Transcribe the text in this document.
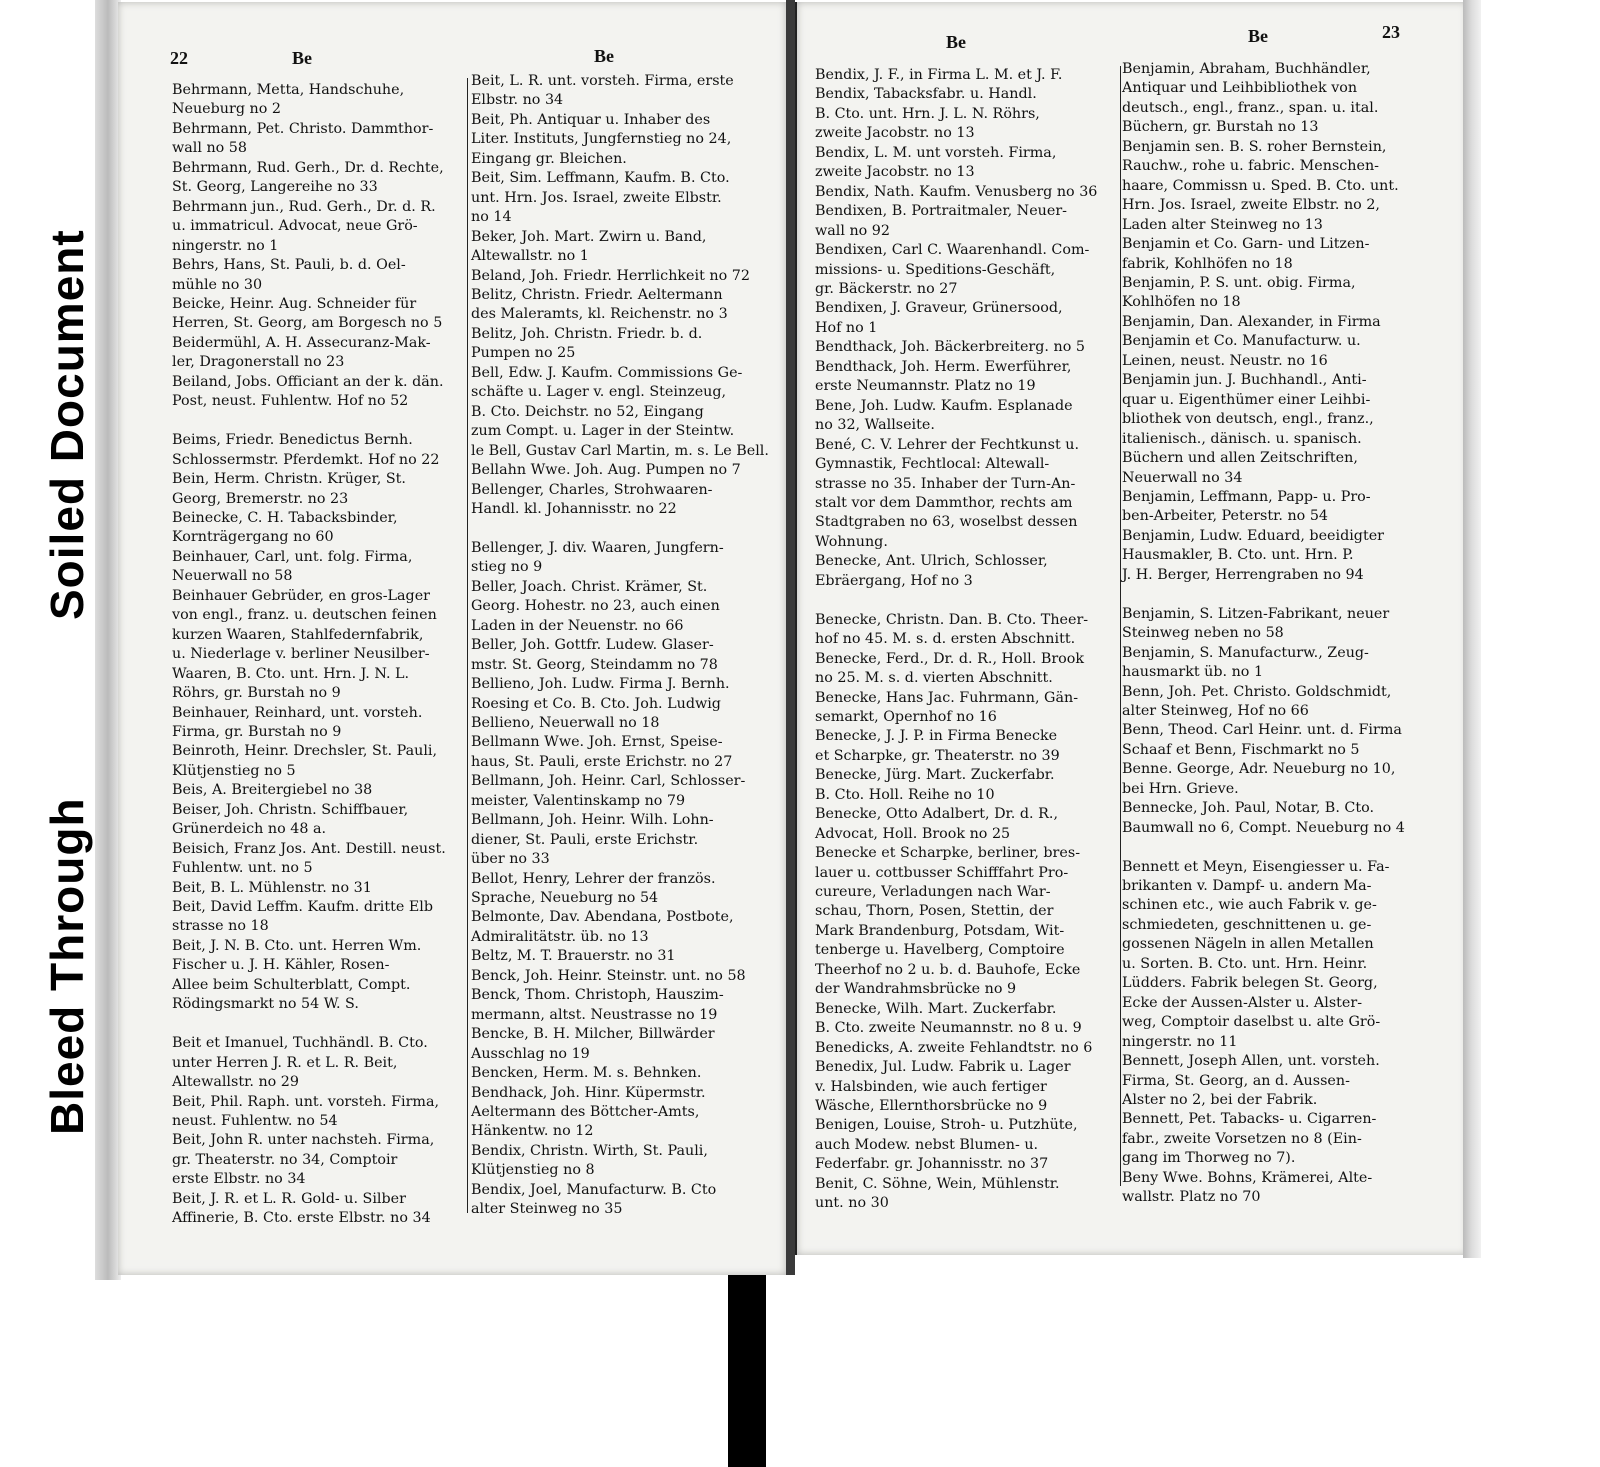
Soiled Document
Bleed Through
22	Be	Be
Be	Be	23

Behrmann, Metta, Handschuhe,

Neueburg no 2

Behrmann, Pet. Christo. Dammthor-

wall no 58

Behrmann, Rud. Gerh., Dr. d. Rechte,

St. Georg, Langereihe no 33

Behrmann jun., Rud. Gerh., Dr. d. R.

u. immatricul. Advocat, neue Grö-

ningerstr. no 1

Behrs, Hans, St. Pauli, b. d. Oel-

mühle no 30

Beicke, Heinr. Aug. Schneider für

Herren, St. Georg, am Borgesch no 5

Beidermühl, A. H. Assecuranz-Mak-

ler, Dragonerstall no 23

Beiland, Jobs. Officiant an der k. dän.

Post, neust. Fuhlentw. Hof no 52

Beims, Friedr. Benedictus Bernh.

Schlossermstr. Pferdemkt. Hof no 22

Bein, Herm. Christn. Krüger, St.

Georg, Bremerstr. no 23

Beinecke, C. H. Tabacksbinder,

Kornträgergang no 60

Beinhauer, Carl, unt. folg. Firma,

Neuerwall no 58

Beinhauer Gebrüder, en gros-Lager

von engl., franz. u. deutschen feinen

kurzen Waaren, Stahlfedernfabrik,

u. Niederlage v. berliner Neusilber-

Waaren, B. Cto. unt. Hrn. J. N. L.

Röhrs, gr. Burstah no 9

Beinhauer, Reinhard, unt. vorsteh.

Firma, gr. Burstah no 9

Beinroth, Heinr. Drechsler, St. Pauli,

Klütjenstieg no 5

Beis, A. Breitergiebel no 38

Beiser, Joh. Christn. Schiffbauer,

Grünerdeich no 48 a.

Beisich, Franz Jos. Ant. Destill. neust.

Fuhlentw. unt. no 5

Beit, B. L. Mühlenstr. no 31

Beit, David Leffm. Kaufm. dritte Elb

strasse no 18

Beit, J. N. B. Cto. unt. Herren Wm.

Fischer u. J. H. Kähler, Rosen-

Allee beim Schulterblatt, Compt.

Rödingsmarkt no 54 W. S.

Beit et Imanuel, Tuchhändl. B. Cto.

unter Herren J. R. et L. R. Beit,

Altewallstr. no 29

Beit, Phil. Raph. unt. vorsteh. Firma,

neust. Fuhlentw. no 54

Beit, John R. unter nachsteh. Firma,

gr. Theaterstr. no 34, Comptoir

erste Elbstr. no 34

Beit, J. R. et L. R. Gold- u. Silber

Affinerie, B. Cto. erste Elbstr. no 34

Beit, L. R. unt. vorsteh. Firma, erste

Elbstr. no 34

Beit, Ph. Antiquar u. Inhaber des

Liter. Instituts, Jungfernstieg no 24,

Eingang gr. Bleichen.

Beit, Sim. Leffmann, Kaufm. B. Cto.

unt. Hrn. Jos. Israel, zweite Elbstr.

no 14

Beker, Joh. Mart. Zwirn u. Band,

Altewallstr. no 1

Beland, Joh. Friedr. Herrlichkeit no 72

Belitz, Christn. Friedr. Aeltermann

des Maleramts, kl. Reichenstr. no 3

Belitz, Joh. Christn. Friedr. b. d.

Pumpen no 25

Bell, Edw. J. Kaufm. Commissions Ge-

schäfte u. Lager v. engl. Steinzeug,

B. Cto. Deichstr. no 52, Eingang

zum Compt. u. Lager in der Steintw.

le Bell, Gustav Carl Martin, m. s. Le Bell.

Bellahn Wwe. Joh. Aug. Pumpen no 7

Bellenger, Charles, Strohwaaren-

Handl. kl. Johannisstr. no 22

Bellenger, J. div. Waaren, Jungfern-

stieg no 9

Beller, Joach. Christ. Krämer, St.

Georg. Hohestr. no 23, auch einen

Laden in der Neuenstr. no 66

Beller, Joh. Gottfr. Ludew. Glaser-

mstr. St. Georg, Steindamm no 78

Bellieno, Joh. Ludw. Firma J. Bernh.

Roesing et Co. B. Cto. Joh. Ludwig

Bellieno, Neuerwall no 18

Bellmann Wwe. Joh. Ernst, Speise-

haus, St. Pauli, erste Erichstr. no 27

Bellmann, Joh. Heinr. Carl, Schlosser-

meister, Valentinskamp no 79

Bellmann, Joh. Heinr. Wilh. Lohn-

diener, St. Pauli, erste Erichstr.

über no 33

Bellot, Henry, Lehrer der französ.

Sprache, Neueburg no 54

Belmonte, Dav. Abendana, Postbote,

Admiralitätstr. üb. no 13

Beltz, M. T. Brauerstr. no 31

Benck, Joh. Heinr. Steinstr. unt. no 58

Benck, Thom. Christoph, Hauszim-

mermann, altst. Neustrasse no 19

Bencke, B. H. Milcher, Billwärder

Ausschlag no 19

Bencken, Herm. M. s. Behnken.

Bendhack, Joh. Hinr. Küpermstr.

Aeltermann des Böttcher-Amts,

Hänkentw. no 12

Bendix, Christn. Wirth, St. Pauli,

Klütjenstieg no 8

Bendix, Joel, Manufacturw. B. Cto

alter Steinweg no 35

Bendix, J. F., in Firma L. M. et J. F.

Bendix, Tabacksfabr. u. Handl.

B. Cto. unt. Hrn. J. L. N. Röhrs,

zweite Jacobstr. no 13

Bendix, L. M. unt vorsteh. Firma,

zweite Jacobstr. no 13

Bendix, Nath. Kaufm. Venusberg no 36

Bendixen, B. Portraitmaler, Neuer-

wall no 92

Bendixen, Carl C. Waarenhandl. Com-

missions- u. Speditions-Geschäft,

gr. Bäckerstr. no 27

Bendixen, J. Graveur, Grünersood,

Hof no 1

Bendthack, Joh. Bäckerbreiterg. no 5

Bendthack, Joh. Herm. Ewerführer,

erste Neumannstr. Platz no 19

Bene, Joh. Ludw. Kaufm. Esplanade

no 32, Wallseite.

Bené, C. V. Lehrer der Fechtkunst u.

Gymnastik, Fechtlocal: Altewall-

strasse no 35. Inhaber der Turn-An-

stalt vor dem Dammthor, rechts am

Stadtgraben no 63, woselbst dessen

Wohnung.

Benecke, Ant. Ulrich, Schlosser,

Ebräergang, Hof no 3

Benecke, Christn. Dan. B. Cto. Theer-

hof no 45. M. s. d. ersten Abschnitt.

Benecke, Ferd., Dr. d. R., Holl. Brook

no 25. M. s. d. vierten Abschnitt.

Benecke, Hans Jac. Fuhrmann, Gän-

semarkt, Opernhof no 16

Benecke, J. J. P. in Firma Benecke

et Scharpke, gr. Theaterstr. no 39

Benecke, Jürg. Mart. Zuckerfabr.

B. Cto. Holl. Reihe no 10

Benecke, Otto Adalbert, Dr. d. R.,

Advocat, Holl. Brook no 25

Benecke et Scharpke, berliner, bres-

lauer u. cottbusser Schifffahrt Pro-

cureure, Verladungen nach War-

schau, Thorn, Posen, Stettin, der

Mark Brandenburg, Potsdam, Wit-

tenberge u. Havelberg, Comptoire

Theerhof no 2 u. b. d. Bauhofe, Ecke

der Wandrahmsbrücke no 9

Benecke, Wilh. Mart. Zuckerfabr.

B. Cto. zweite Neumannstr. no 8 u. 9

Benedicks, A. zweite Fehlandtstr. no 6

Benedix, Jul. Ludw. Fabrik u. Lager

v. Halsbinden, wie auch fertiger

Wäsche, Ellernthorsbrücke no 9

Benigen, Louise, Stroh- u. Putzhüte,

auch Modew. nebst Blumen- u.

Federfabr. gr. Johannisstr. no 37

Benit, C. Söhne, Wein, Mühlenstr.

unt. no 30

Benjamin, Abraham, Buchhändler,

Antiquar und Leihbibliothek von

deutsch., engl., franz., span. u. ital.

Büchern, gr. Burstah no 13

Benjamin sen. B. S. roher Bernstein,

Rauchw., rohe u. fabric. Menschen-

haare, Commissn u. Sped. B. Cto. unt.

Hrn. Jos. Israel, zweite Elbstr. no 2,

Laden alter Steinweg no 13

Benjamin et Co. Garn- und Litzen-

fabrik, Kohlhöfen no 18

Benjamin, P. S. unt. obig. Firma,

Kohlhöfen no 18

Benjamin, Dan. Alexander, in Firma

Benjamin et Co. Manufacturw. u.

Leinen, neust. Neustr. no 16

Benjamin jun. J. Buchhandl., Anti-

quar u. Eigenthümer einer Leihbi-

bliothek von deutsch, engl., franz.,

italienisch., dänisch. u. spanisch.

Büchern und allen Zeitschriften,

Neuerwall no 34

Benjamin, Leffmann, Papp- u. Pro-

ben-Arbeiter, Peterstr. no 54

Benjamin, Ludw. Eduard, beeidigter

Hausmakler, B. Cto. unt. Hrn. P.

J. H. Berger, Herrengraben no 94

Benjamin, S. Litzen-Fabrikant, neuer

Steinweg neben no 58

Benjamin, S. Manufacturw., Zeug-

hausmarkt üb. no 1

Benn, Joh. Pet. Christo. Goldschmidt,

alter Steinweg, Hof no 66

Benn, Theod. Carl Heinr. unt. d. Firma

Schaaf et Benn, Fischmarkt no 5

Benne. George, Adr. Neueburg no 10,

bei Hrn. Grieve.

Bennecke, Joh. Paul, Notar, B. Cto.

Baumwall no 6, Compt. Neueburg no 4

Bennett et Meyn, Eisengiesser u. Fa-

brikanten v. Dampf- u. andern Ma-

schinen etc., wie auch Fabrik v. ge-

schmiedeten, geschnittenen u. ge-

gossenen Nägeln in allen Metallen

u. Sorten. B. Cto. unt. Hrn. Heinr.

Lüdders. Fabrik belegen St. Georg,

Ecke der Aussen-Alster u. Alster-

weg, Comptoir daselbst u. alte Grö-

ningerstr. no 11

Bennett, Joseph Allen, unt. vorsteh.

Firma, St. Georg, an d. Aussen-

Alster no 2, bei der Fabrik.

Bennett, Pet. Tabacks- u. Cigarren-

fabr., zweite Vorsetzen no 8 (Ein-

gang im Thorweg no 7).

Beny Wwe. Bohns, Krämerei, Alte-

wallstr. Platz no 70
